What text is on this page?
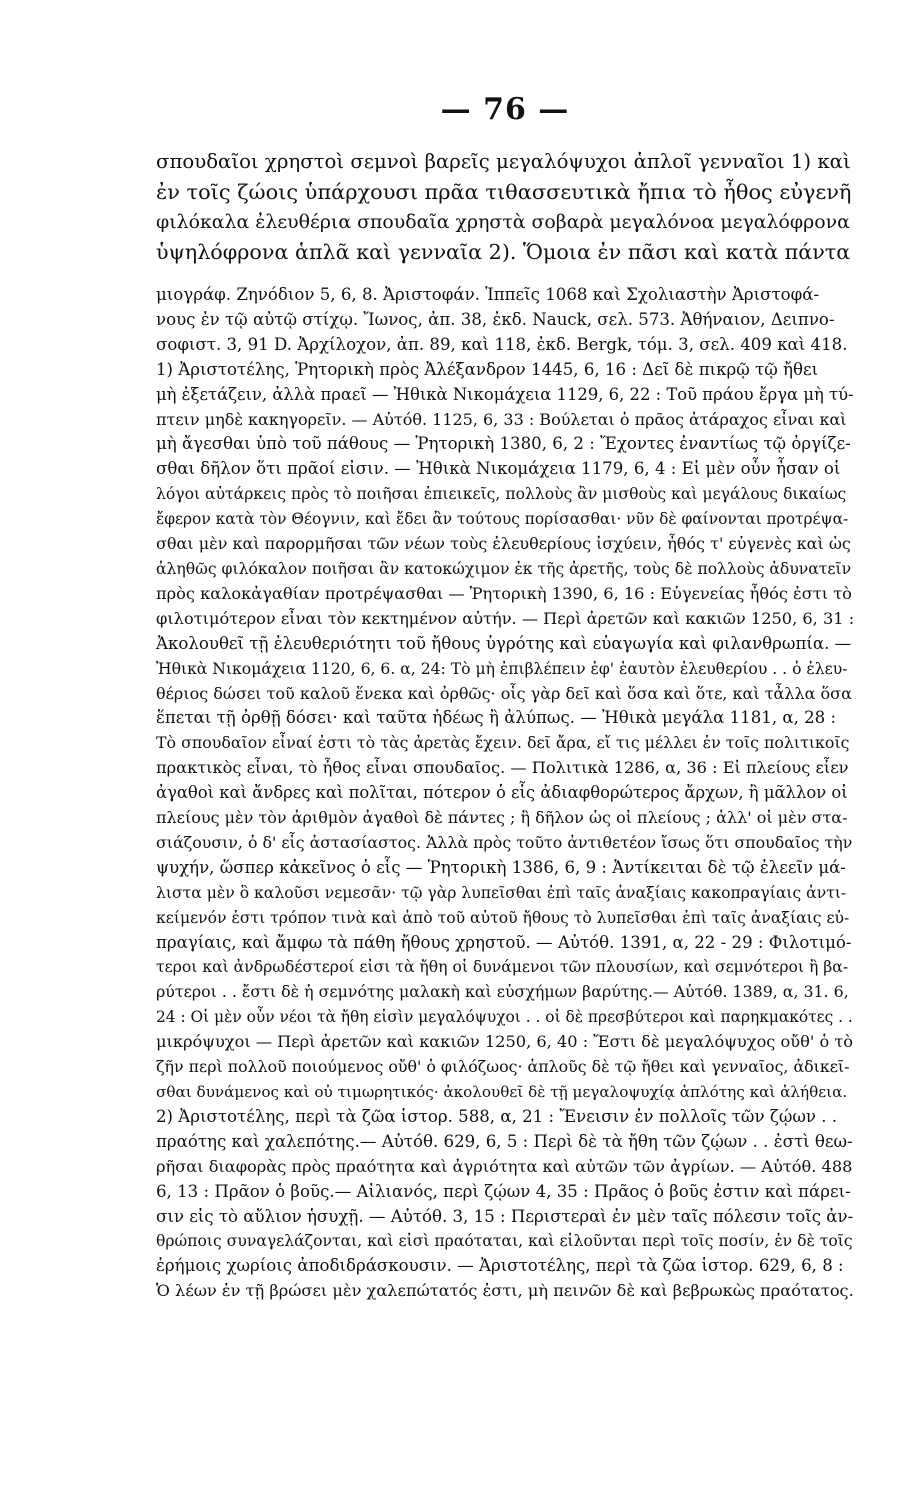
— 76 —
σπουδαῖοι χρηστοὶ σεμνοὶ βαρεῖς μεγαλόψυχοι ἁπλοῖ γενναῖοι 1) καὶ
ἐν τοῖς ζώοις ὑπάρχουσι πρᾶα τιθασσευτικὰ ἤπια τὸ ἦθος εὐγενῆ
φιλόκαλα ἐλευθέρια σπουδαῖα χρηστὰ σοβαρὰ μεγαλόνοα μεγαλόφρονα
ὑψηλόφρονα ἁπλᾶ καὶ γενναῖα 2). Ὅμοια ἐν πᾶσι καὶ κατὰ πάντα
μιογράφ. Ζηνόδιον 5, 6, 8. Ἀριστοφάν. Ἱππεῖς 1068 καὶ Σχολιαστὴν Ἀριστοφά-
νους ἐν τῷ αὐτῷ στίχῳ. Ἴωνος, ἀπ. 38, ἐκδ. Nauck, σελ. 573. Ἀθήναιον, Δειπνο-
σοφιστ. 3, 91 D. Ἀρχίλοχον, ἀπ. 89, καὶ 118, ἐκδ. Bergk, τόμ. 3, σελ. 409 καὶ 418.
1) Ἀριστοτέλης, Ῥητορικὴ πρὸς Ἀλέξανδρον 1445, 6, 16 : Δεῖ δὲ πικρῷ τῷ ἤθει
μὴ ἐξετάζειν, ἀλλὰ πραεῖ — Ἠθικὰ Νικομάχεια 1129, 6, 22 : Τοῦ πράου ἔργα μὴ τύ-
πτειν μηδὲ κακηγορεῖν. — Αὐτόθ. 1125, 6, 33 : Βούλεται ὁ πρᾶος ἀτάραχος εἶναι καὶ
μὴ ἄγεσθαι ὑπὸ τοῦ πάθους — Ῥητορικὴ 1380, 6, 2 : Ἔχοντες ἐναντίως τῷ ὀργίζε-
σθαι δῆλον ὅτι πρᾶοί εἰσιν. — Ἠθικὰ Νικομάχεια 1179, 6, 4 : Εἰ μὲν οὖν ἦσαν οἱ
λόγοι αὐτάρκεις πρὸς τὸ ποιῆσαι ἐπιεικεῖς, πολλοὺς ἂν μισθοὺς καὶ μεγάλους δικαίως
ἔφερον κατὰ τὸν Θέογνιν, καὶ ἔδει ἂν τούτους πορίσασθαι· νῦν δὲ φαίνονται προτρέψα-
σθαι μὲν καὶ παρορμῆσαι τῶν νέων τοὺς ἐλευθερίους ἰσχύειν, ἦθός τ' εὐγενὲς καὶ ὡς
ἀληθῶς φιλόκαλον ποιῆσαι ἂν κατοκώχιμον ἐκ τῆς ἀρετῆς, τοὺς δὲ πολλοὺς ἀδυνατεῖν
πρὸς καλοκἀγαθίαν προτρέψασθαι — Ῥητορικὴ 1390, 6, 16 : Εὐγενείας ἦθός ἐστι τὸ
φιλοτιμότερον εἶναι τὸν κεκτημένον αὐτήν. — Περὶ ἀρετῶν καὶ κακιῶν 1250, 6, 31 :
Ἀκολουθεῖ τῇ ἐλευθεριότητι τοῦ ἤθους ὑγρότης καὶ εὐαγωγία καὶ φιλανθρωπία. —
Ἠθικὰ Νικομάχεια 1120, 6, 6. α, 24: Τὸ μὴ ἐπιβλέπειν ἐφ' ἑαυτὸν ἐλευθερίου . . ὁ ἐλευ-
θέριος δώσει τοῦ καλοῦ ἕνεκα καὶ ὀρθῶς· οἷς γὰρ δεῖ καὶ ὅσα καὶ ὅτε, καὶ τἆλλα ὅσα
ἕπεται τῇ ὀρθῇ δόσει· καὶ ταῦτα ἡδέως ἢ ἀλύπως. — Ἠθικὰ μεγάλα 1181, α, 28 :
Τὸ σπουδαῖον εἶναί ἐστι τὸ τὰς ἀρετὰς ἔχειν. δεῖ ἄρα, εἴ τις μέλλει ἐν τοῖς πολιτικοῖς
πρακτικὸς εἶναι, τὸ ἦθος εἶναι σπουδαῖος. — Πολιτικὰ 1286, α, 36 : Εἰ πλείους εἶεν
ἀγαθοὶ καὶ ἄνδρες καὶ πολῖται, πότερον ὁ εἷς ἀδιαφθορώτερος ἄρχων, ἢ μᾶλλον οἱ
πλείους μὲν τὸν ἀριθμὸν ἀγαθοὶ δὲ πάντες ; ἢ δῆλον ὡς οἱ πλείους ; ἀλλ' οἱ μὲν στα-
σιάζουσιν, ὁ δ' εἷς ἀστασίαστος. Ἀλλὰ πρὸς τοῦτο ἀντιθετέον ἴσως ὅτι σπουδαῖος τὴν
ψυχήν, ὥσπερ κἀκεῖνος ὁ εἷς — Ῥητορικὴ 1386, 6, 9 : Ἀντίκειται δὲ τῷ ἐλεεῖν μά-
λιστα μὲν ὃ καλοῦσι νεμεσᾶν· τῷ γὰρ λυπεῖσθαι ἐπὶ ταῖς ἀναξίαις κακοπραγίαις ἀντι-
κείμενόν ἐστι τρόπον τινὰ καὶ ἀπὸ τοῦ αὐτοῦ ἤθους τὸ λυπεῖσθαι ἐπὶ ταῖς ἀναξίαις εὐ-
πραγίαις, καὶ ἄμφω τὰ πάθη ἤθους χρηστοῦ. — Αὐτόθ. 1391, α, 22 - 29 : Φιλοτιμό-
τεροι καὶ ἀνδρωδέστεροί εἰσι τὰ ἤθη οἱ δυνάμενοι τῶν πλουσίων, καὶ σεμνότεροι ἢ βα-
ρύτεροι . . ἔστι δὲ ἡ σεμνότης μαλακὴ καὶ εὐσχήμων βαρύτης.— Αὐτόθ. 1389, α, 31. 6,
24 : Οἱ μὲν οὖν νέοι τὰ ἤθη εἰσὶν μεγαλόψυχοι . . οἱ δὲ πρεσβύτεροι καὶ παρηκμακότες . .
μικρόψυχοι — Περὶ ἀρετῶν καὶ κακιῶν 1250, 6, 40 : Ἔστι δὲ μεγαλόψυχος οὔθ' ὁ τὸ
ζῆν περὶ πολλοῦ ποιούμενος οὔθ' ὁ φιλόζωος· ἁπλοῦς δὲ τῷ ἤθει καὶ γενναῖος, ἀδικεῖ-
σθαι δυνάμενος καὶ οὐ τιμωρητικός· ἀκολουθεῖ δὲ τῇ μεγαλοψυχίᾳ ἁπλότης καὶ ἀλήθεια.
2) Ἀριστοτέλης, περὶ τὰ ζῶα ἱστορ. 588, α, 21 : Ἔνεισιν ἐν πολλοῖς τῶν ζῴων . .
πραότης καὶ χαλεπότης.— Αὐτόθ. 629, 6, 5 : Περὶ δὲ τὰ ἤθη τῶν ζῴων . . ἐστὶ θεω-
ρῆσαι διαφορὰς πρὸς πραότητα καὶ ἀγριότητα καὶ αὐτῶν τῶν ἀγρίων. — Αὐτόθ. 488
6, 13 : Πρᾶον ὁ βοῦς.— Αἰλιανός, περὶ ζῴων 4, 35 : Πρᾶος ὁ βοῦς ἐστιν καὶ πάρει-
σιν εἰς τὸ αὔλιον ἡσυχῇ. — Αὐτόθ. 3, 15 : Περιστεραὶ ἐν μὲν ταῖς πόλεσιν τοῖς ἀν-
θρώποις συναγελάζονται, καὶ εἰσὶ πραόταται, καὶ εἰλοῦνται περὶ τοῖς ποσίν, ἐν δὲ τοῖς
ἐρήμοις χωρίοις ἀποδιδράσκουσιν. — Ἀριστοτέλης, περὶ τὰ ζῶα ἱστορ. 629, 6, 8 :
Ὁ λέων ἐν τῇ βρώσει μὲν χαλεπώτατός ἐστι, μὴ πεινῶν δὲ καὶ βεβρωκὼς πραότατος.
